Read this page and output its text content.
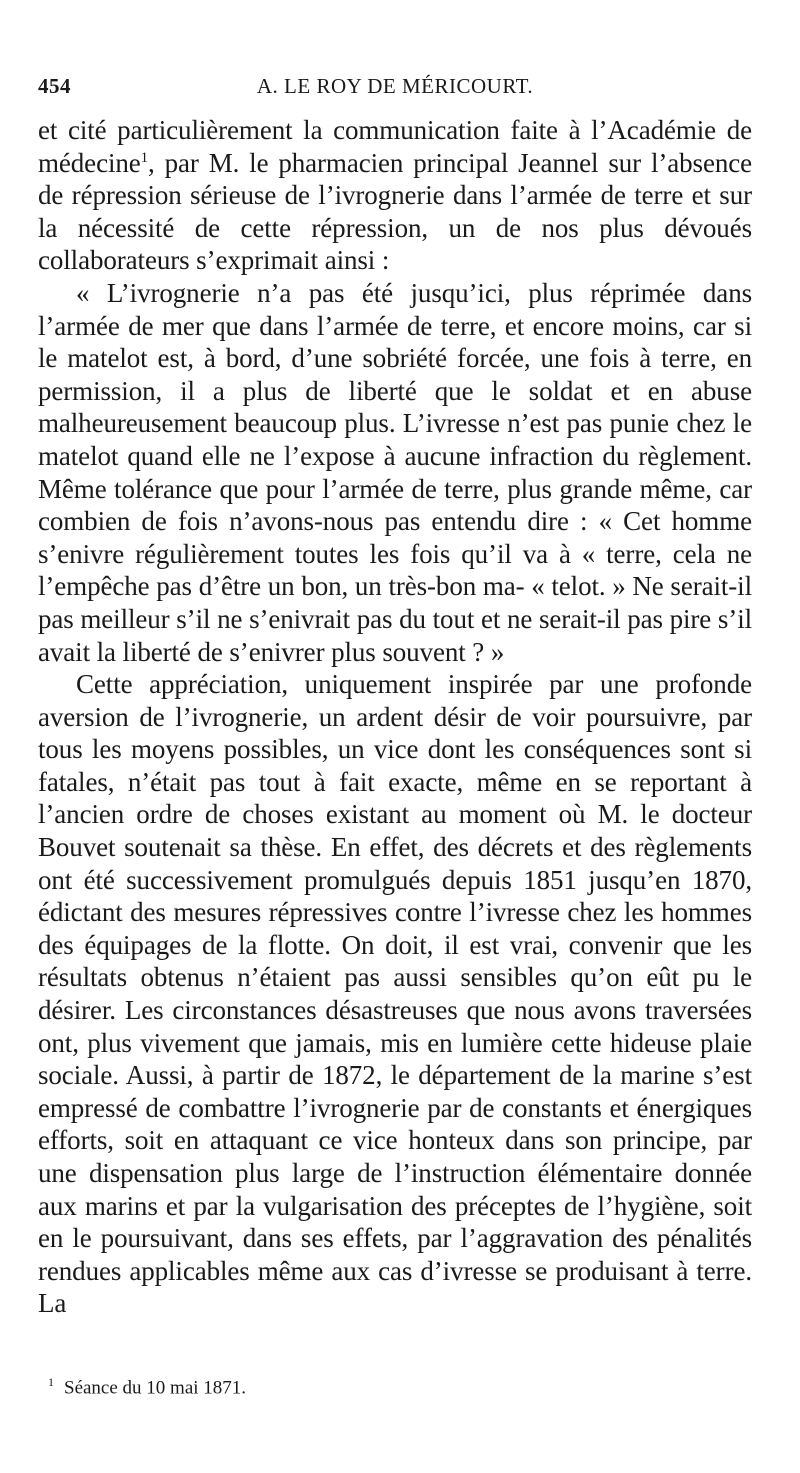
454	A. LE ROY DE MÉRICOURT.

et cité particulièrement la communication faite à l’Académie de médecine$^1$, par M. le pharmacien principal Jeannel sur l’absence de répression sérieuse de l’ivrognerie dans l’armée de terre et sur la nécessité de cette répression, un de nos plus dévoués collaborateurs s’exprimait ainsi :

« L’ivrognerie n’a pas été jusqu’ici, plus réprimée dans l’armée de mer que dans l’armée de terre, et encore moins, car si le matelot est, à bord, d’une sobriété forcée, une fois à terre, en permission, il a plus de liberté que le soldat et en abuse malheureusement beaucoup plus. L’ivresse n’est pas punie chez le matelot quand elle ne l’expose à aucune infraction du règlement. Même tolérance que pour l’armée de terre, plus grande même, car combien de fois n’avons-nous pas entendu dire : « Cet homme s’enivre régulièrement toutes les fois qu’il va à « terre, cela ne l’empêche pas d’être un bon, un très-bon ma- « telot. » Ne serait-il pas meilleur s’il ne s’enivrait pas du tout et ne serait-il pas pire s’il avait la liberté de s’enivrer plus souvent ? »

Cette appréciation, uniquement inspirée par une profonde aversion de l’ivrognerie, un ardent désir de voir poursuivre, par tous les moyens possibles, un vice dont les conséquences sont si fatales, n’était pas tout à fait exacte, même en se reportant à l’ancien ordre de choses existant au moment où M. le docteur Bouvet soutenait sa thèse. En effet, des décrets et des règlements ont été successivement promulgués depuis 1851 jusqu’en 1870, édictant des mesures répressives contre l’ivresse chez les hommes des équipages de la flotte. On doit, il est vrai, convenir que les résultats obtenus n’étaient pas aussi sensibles qu’on eût pu le désirer. Les circonstances désastreuses que nous avons traversées ont, plus vivement que jamais, mis en lumière cette hideuse plaie sociale. Aussi, à partir de 1872, le département de la marine s’est empressé de combattre l’ivrognerie par de constants et énergiques efforts, soit en attaquant ce vice honteux dans son principe, par une dispensation plus large de l’instruction élémentaire donnée aux marins et par la vulgarisation des préceptes de l’hygiène, soit en le poursuivant, dans ses effets, par l’aggravation des pénalités rendues applicables même aux cas d’ivresse se produisant à terre. La

$^1$ Séance du 10 mai 1871.
